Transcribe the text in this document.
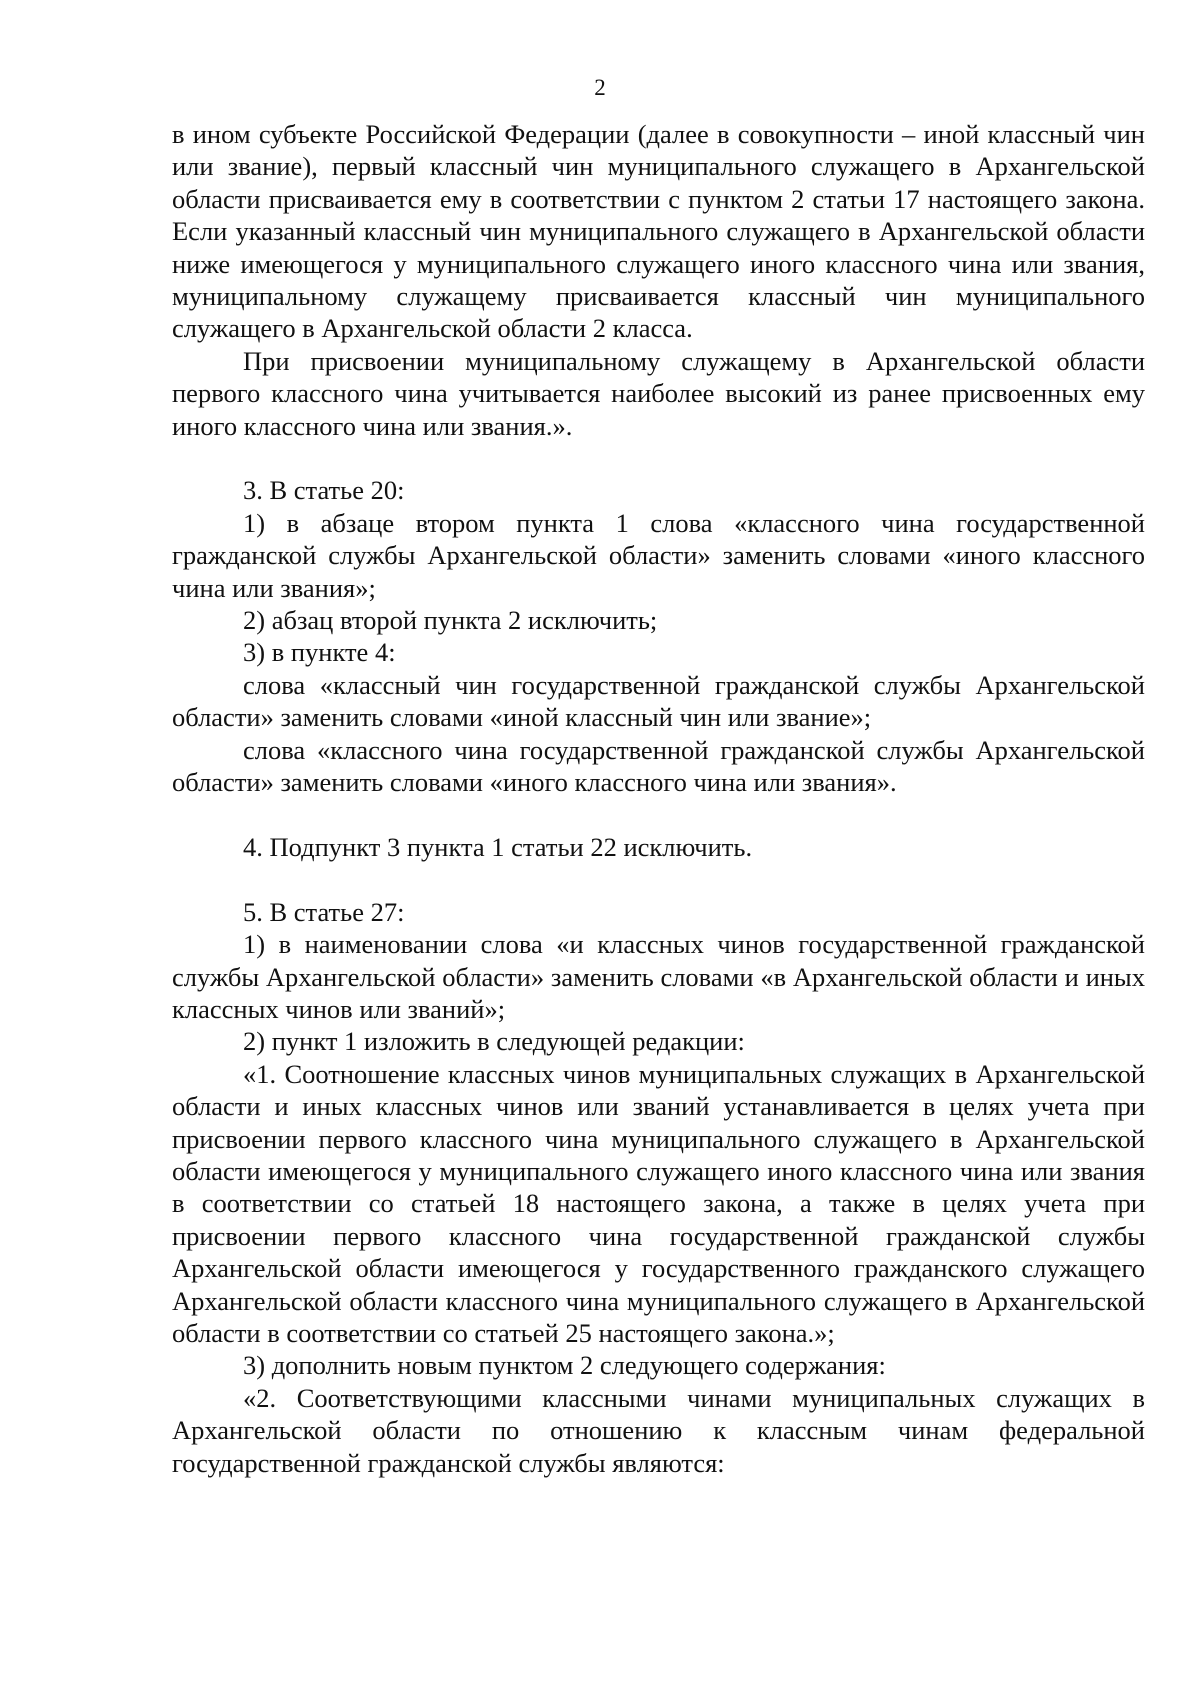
2

в ином субъекте Российской Федерации (далее в совокупности – иной классный чин или звание), первый классный чин муниципального служащего в Архангельской области присваивается ему в соответствии с пунктом 2 статьи 17 настоящего закона. Если указанный классный чин муниципального служащего в Архангельской области ниже имеющегося у муниципального служащего иного классного чина или звания, муниципальному служащему присваивается классный чин муниципального служащего в Архангельской области 2 класса.

При присвоении муниципальному служащему в Архангельской области первого классного чина учитывается наиболее высокий из ранее присвоенных ему иного классного чина или звания.».

3. В статье 20:

1) в абзаце втором пункта 1 слова «классного чина государственной гражданской службы Архангельской области» заменить словами «иного классного чина или звания»;

2) абзац второй пункта 2 исключить;

3) в пункте 4:

слова «классный чин государственной гражданской службы Архангельской области» заменить словами «иной классный чин или звание»;

слова «классного чина государственной гражданской службы Архангельской области» заменить словами «иного классного чина или звания».

4. Подпункт 3 пункта 1 статьи 22 исключить.

5. В статье 27:

1) в наименовании слова «и классных чинов государственной гражданской службы Архангельской области» заменить словами «в Архангельской области и иных классных чинов или званий»;

2) пункт 1 изложить в следующей редакции:

«1. Соотношение классных чинов муниципальных служащих в Архангельской области и иных классных чинов или званий устанавливается в целях учета при присвоении первого классного чина муниципального служащего в Архангельской области имеющегося у муниципального служащего иного классного чина или звания в соответствии со статьей 18 настоящего закона, а также в целях учета при присвоении первого классного чина государственной гражданской службы Архангельской области имеющегося у государственного гражданского служащего Архангельской области классного чина муниципального служащего в Архангельской области в соответствии со статьей 25 настоящего закона.»;

3) дополнить новым пунктом 2 следующего содержания:

«2. Соответствующими классными чинами муниципальных служащих в Архангельской области по отношению к классным чинам федеральной государственной гражданской службы являются:
